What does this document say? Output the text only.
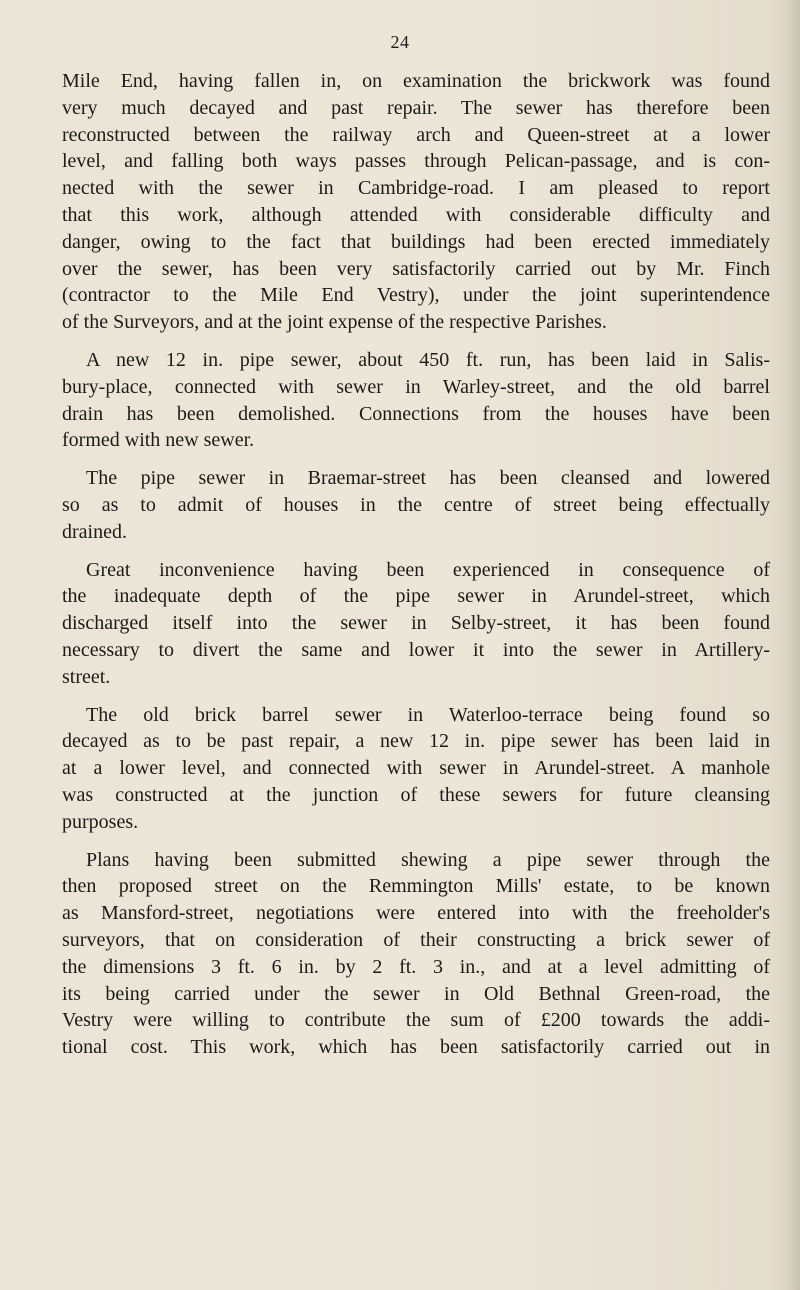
24
Mile End, having fallen in, on examination the brickwork was found
very much decayed and past repair. The sewer has therefore been
reconstructed between the railway arch and Queen-street at a lower
level, and falling both ways passes through Pelican-passage, and is con-
nected with the sewer in Cambridge-road. I am pleased to report
that this work, although attended with considerable difficulty and
danger, owing to the fact that buildings had been erected immediately
over the sewer, has been very satisfactorily carried out by Mr. Finch
(contractor to the Mile End Vestry), under the joint superintendence
of the Surveyors, and at the joint expense of the respective Parishes.
A new 12 in. pipe sewer, about 450 ft. run, has been laid in Salis-
bury-place, connected with sewer in Warley-street, and the old barrel
drain has been demolished. Connections from the houses have been
formed with new sewer.
The pipe sewer in Braemar-street has been cleansed and lowered
so as to admit of houses in the centre of street being effectually
drained.
Great inconvenience having been experienced in consequence of
the inadequate depth of the pipe sewer in Arundel-street, which
discharged itself into the sewer in Selby-street, it has been found
necessary to divert the same and lower it into the sewer in Artillery-
street.
The old brick barrel sewer in Waterloo-terrace being found so
decayed as to be past repair, a new 12 in. pipe sewer has been laid in
at a lower level, and connected with sewer in Arundel-street. A manhole
was constructed at the junction of these sewers for future cleansing
purposes.
Plans having been submitted shewing a pipe sewer through the
then proposed street on the Remmington Mills' estate, to be known
as Mansford-street, negotiations were entered into with the freeholder's
surveyors, that on consideration of their constructing a brick sewer of
the dimensions 3 ft. 6 in. by 2 ft. 3 in., and at a level admitting of
its being carried under the sewer in Old Bethnal Green-road, the
Vestry were willing to contribute the sum of £200 towards the addi-
tional cost. This work, which has been satisfactorily carried out in
